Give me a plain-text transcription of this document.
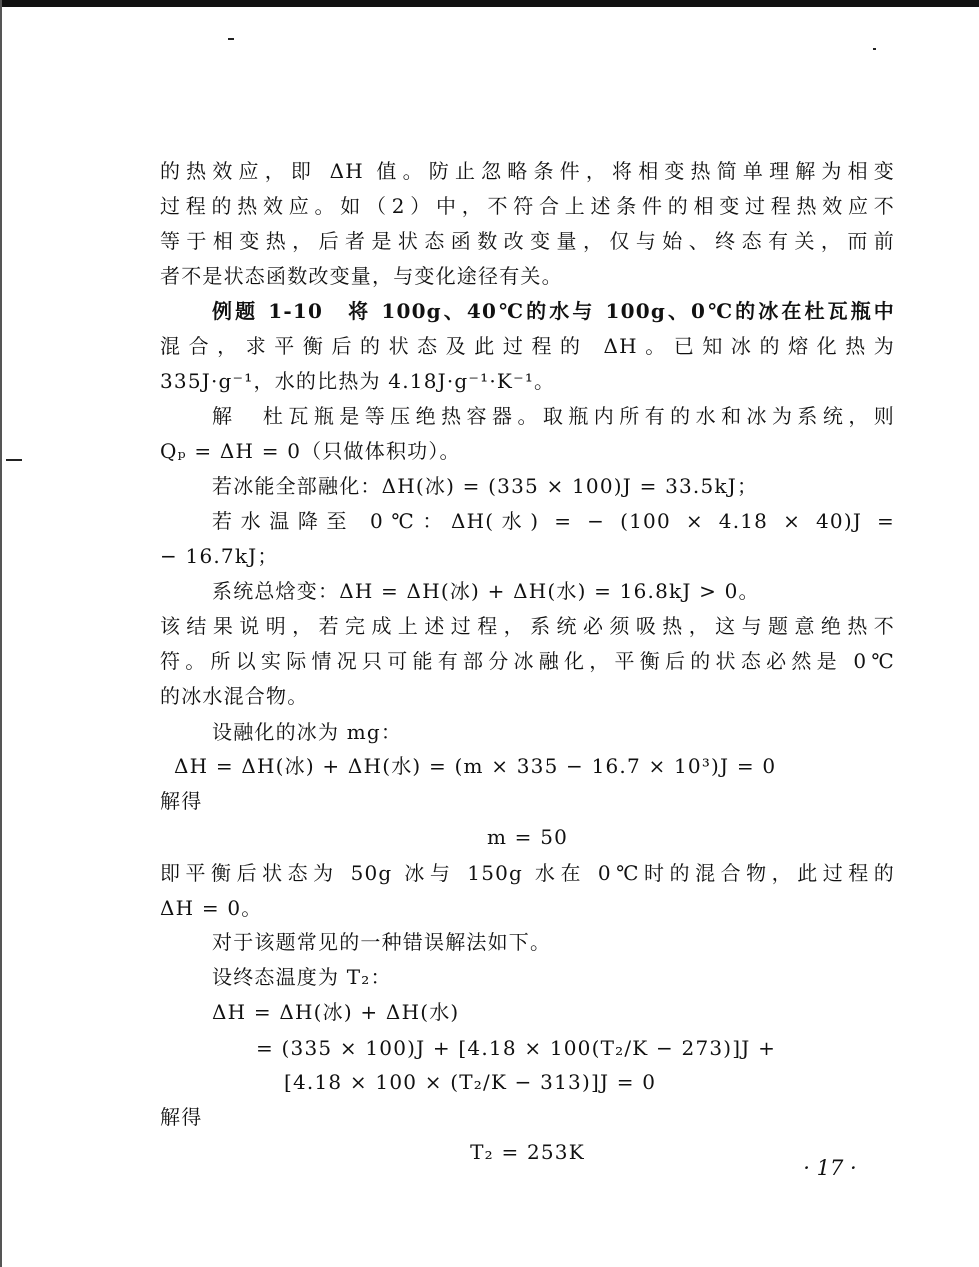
的热效应，即 ΔH 值。防止忽略条件，将相变热简单理解为相变
过程的热效应。如（2）中，不符合上述条件的相变过程热效应不
等于相变热，后者是状态函数改变量，仅与始、终态有关，而前
者不是状态函数改变量，与变化途径有关。
例题 1-10　将 100g、40℃的水与 100g、0℃的冰在杜瓦瓶中
混合，求平衡后的状态及此过程的 ΔH。已知冰的熔化热为
335J·g⁻¹，水的比热为 4.18J·g⁻¹·K⁻¹。
解　杜瓦瓶是等压绝热容器。取瓶内所有的水和冰为系统，则
Qₚ = ΔH = 0（只做体积功）。
若冰能全部融化：ΔH(冰) = (335 × 100)J = 33.5kJ；
若水温降至 0℃：ΔH(水) = − (100 × 4.18 × 40)J =
− 16.7kJ；
系统总焓变：ΔH = ΔH(冰) + ΔH(水) = 16.8kJ > 0。
该结果说明，若完成上述过程，系统必须吸热，这与题意绝热不
符。所以实际情况只可能有部分冰融化，平衡后的状态必然是 0℃
的冰水混合物。
设融化的冰为 mg：
ΔH = ΔH(冰) + ΔH(水) = (m × 335 − 16.7 × 10³)J = 0
解得
m = 50
即平衡后状态为 50g 冰与 150g 水在 0℃时的混合物，此过程的
ΔH = 0。
对于该题常见的一种错误解法如下。
设终态温度为 T₂：
ΔH = ΔH(冰) + ΔH(水)
= (335 × 100)J + [4.18 × 100(T₂/K − 273)]J +
[4.18 × 100 × (T₂/K − 313)]J = 0
解得
T₂ = 253K
· 17 ·
